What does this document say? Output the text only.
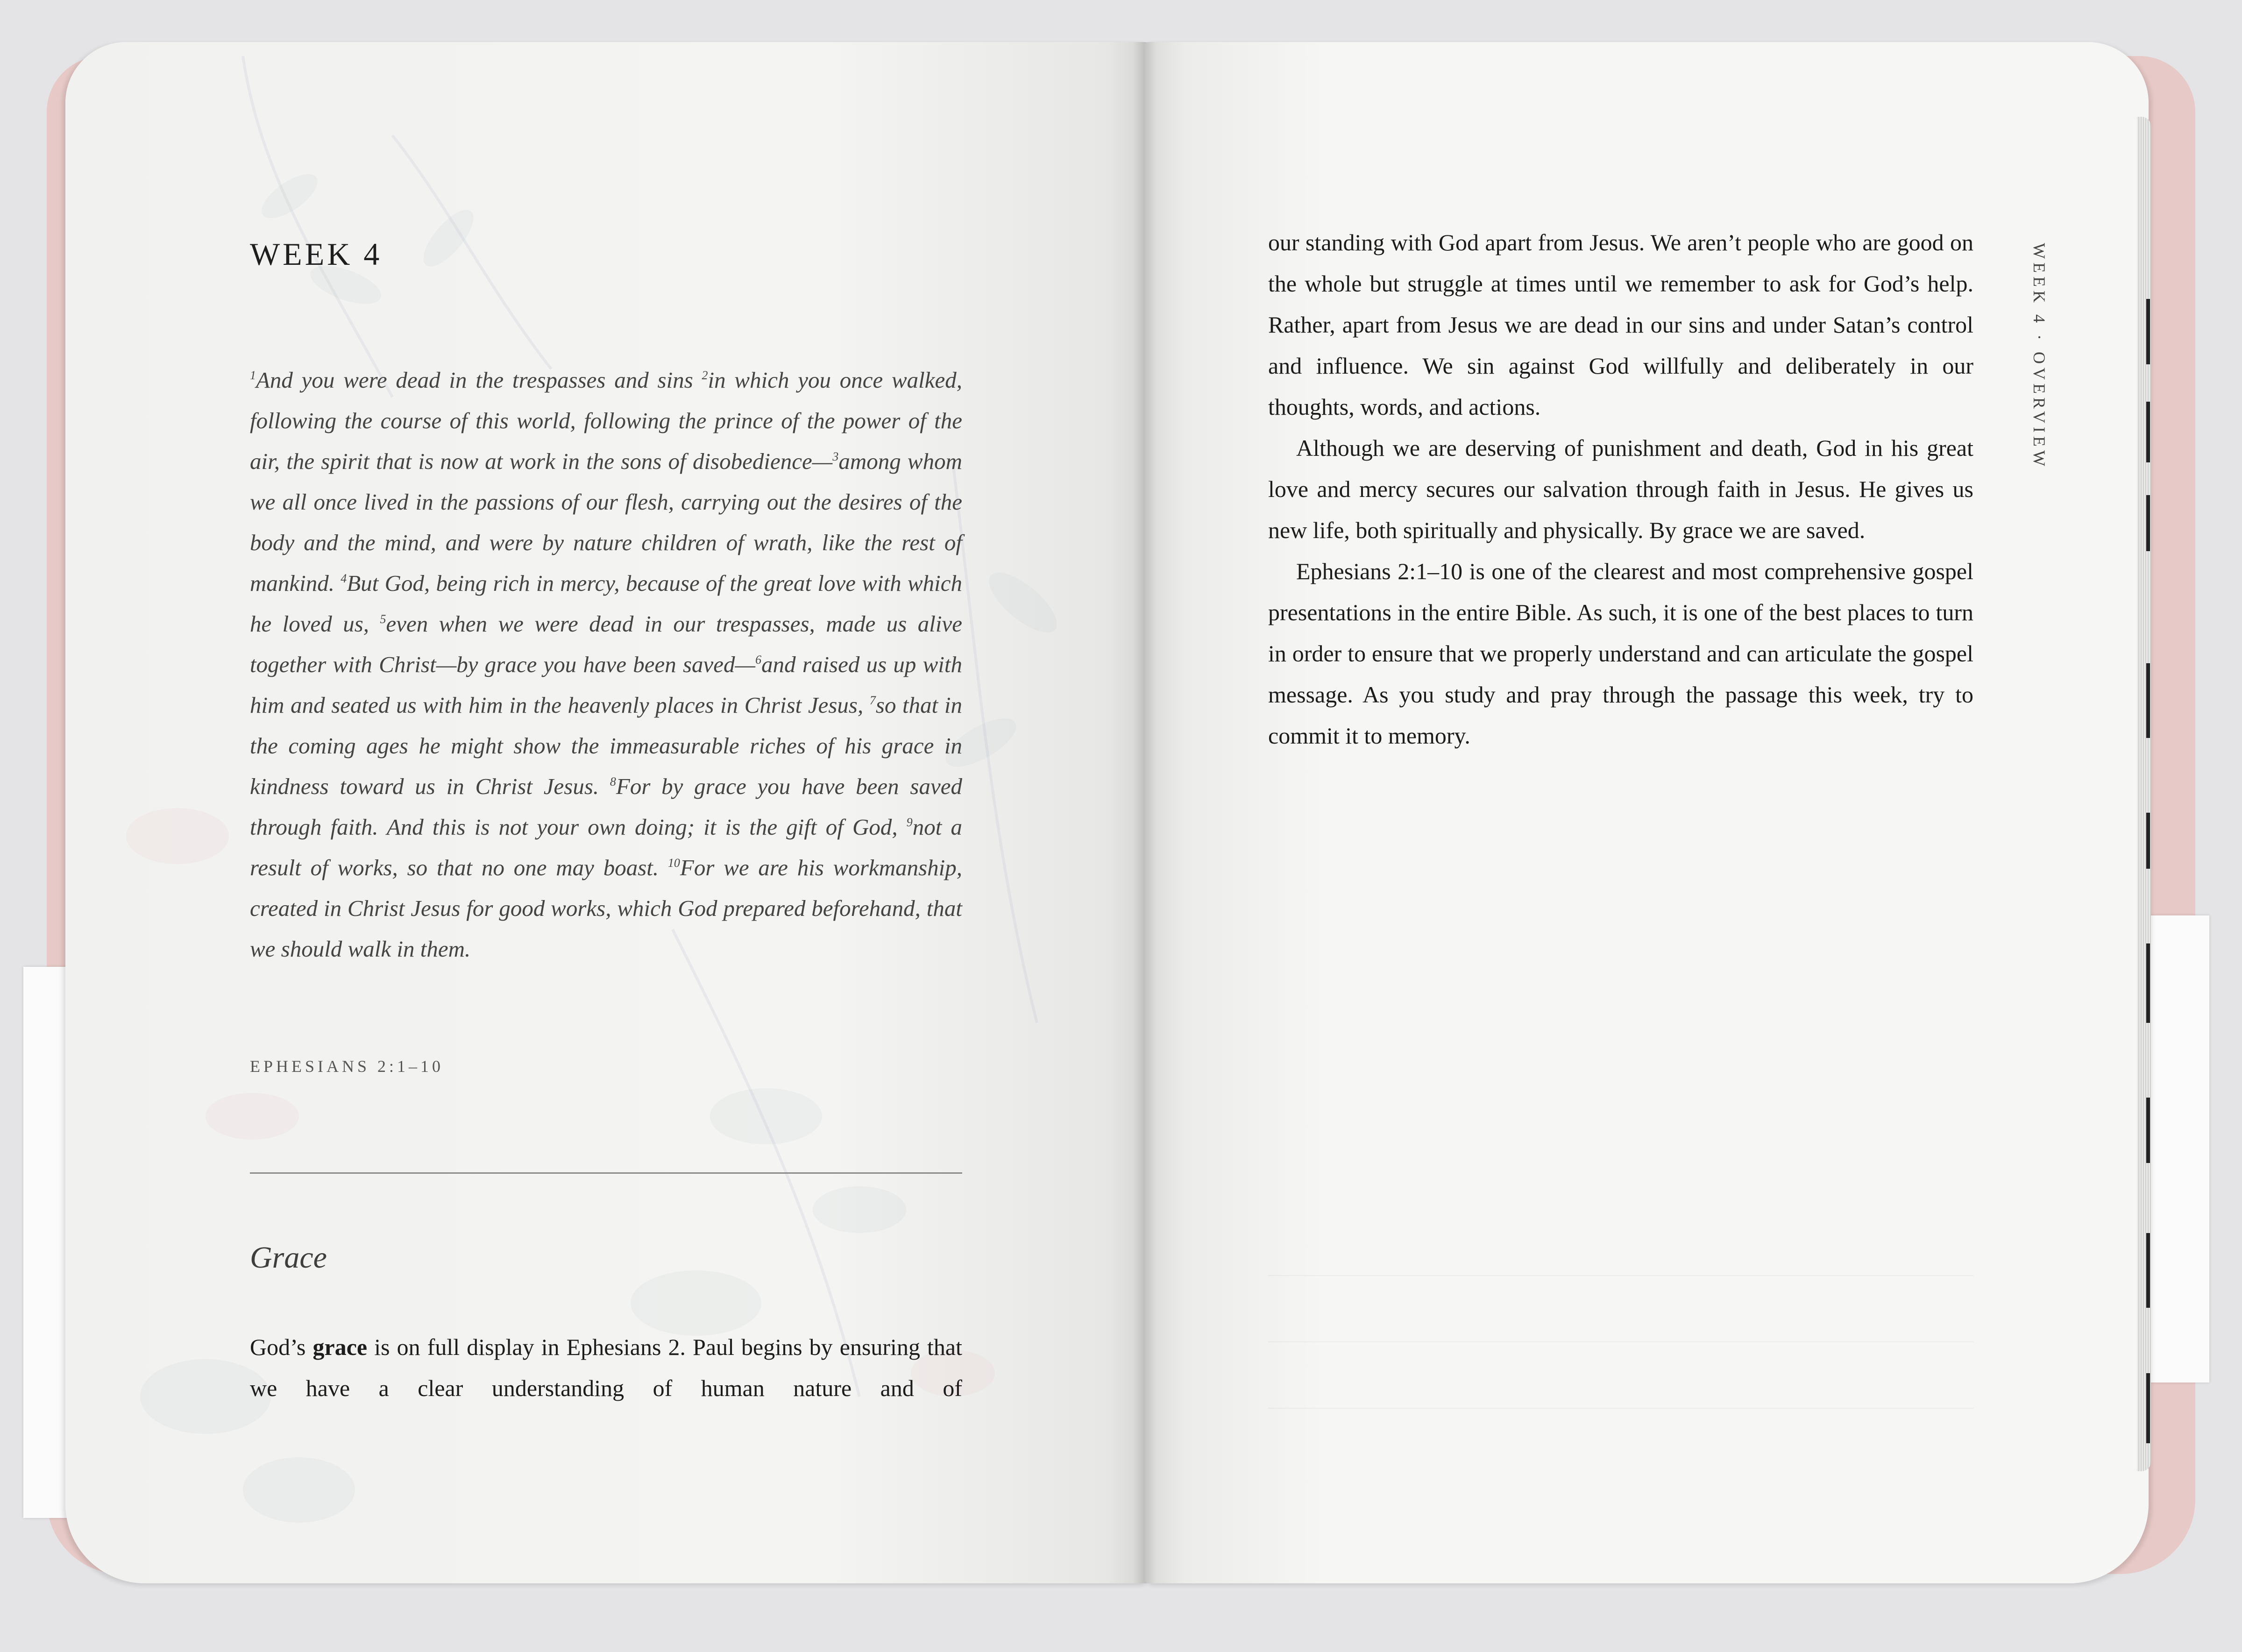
WEEK 4
$^1$And you were dead in the trespasses and sins $^2$in which you once walked, following the course of this world, following the prince of the power of the air, the spirit that is now at work in the sons of disobedience—$^3$among whom we all once lived in the passions of our flesh, carrying out the desires of the body and the mind, and were by nature children of wrath, like the rest of mankind. $^4$But God, being rich in mercy, because of the great love with which he loved us, $^5$even when we were dead in our trespasses, made us alive together with Christ—by grace you have been saved—$^6$and raised us up with him and seated us with him in the heavenly places in Christ Jesus, $^7$so that in the coming ages he might show the immeasurable riches of his grace in kindness toward us in Christ Jesus. $^8$For by grace you have been saved through faith. And this is not your own doing; it is the gift of God, $^9$not a result of works, so that no one may boast. $^{10}$For we are his workmanship, created in Christ Jesus for good works, which God prepared beforehand, that we should walk in them.
EPHESIANS 2:1–10
Grace
God’s grace is on full display in Ephesians 2. Paul begins by ensuring that we have a clear understanding of human nature and of
WEEK 4 · OVERVIEW

our standing with God apart from Jesus. We aren’t people who are good on the whole but struggle at times until we remember to ask for God’s help. Rather, apart from Jesus we are dead in our sins and under Satan’s control and influence. We sin against God willfully and deliberately in our thoughts, words, and actions.

Although we are deserving of punishment and death, God in his great love and mercy secures our salvation through faith in Jesus. He gives us new life, both spiritually and physically. By grace we are saved.

Ephesians 2:1–10 is one of the clearest and most comprehensive gospel presentations in the entire Bible. As such, it is one of the best places to turn in order to ensure that we properly understand and can articulate the gospel message. As you study and pray through the passage this week, try to commit it to memory.
